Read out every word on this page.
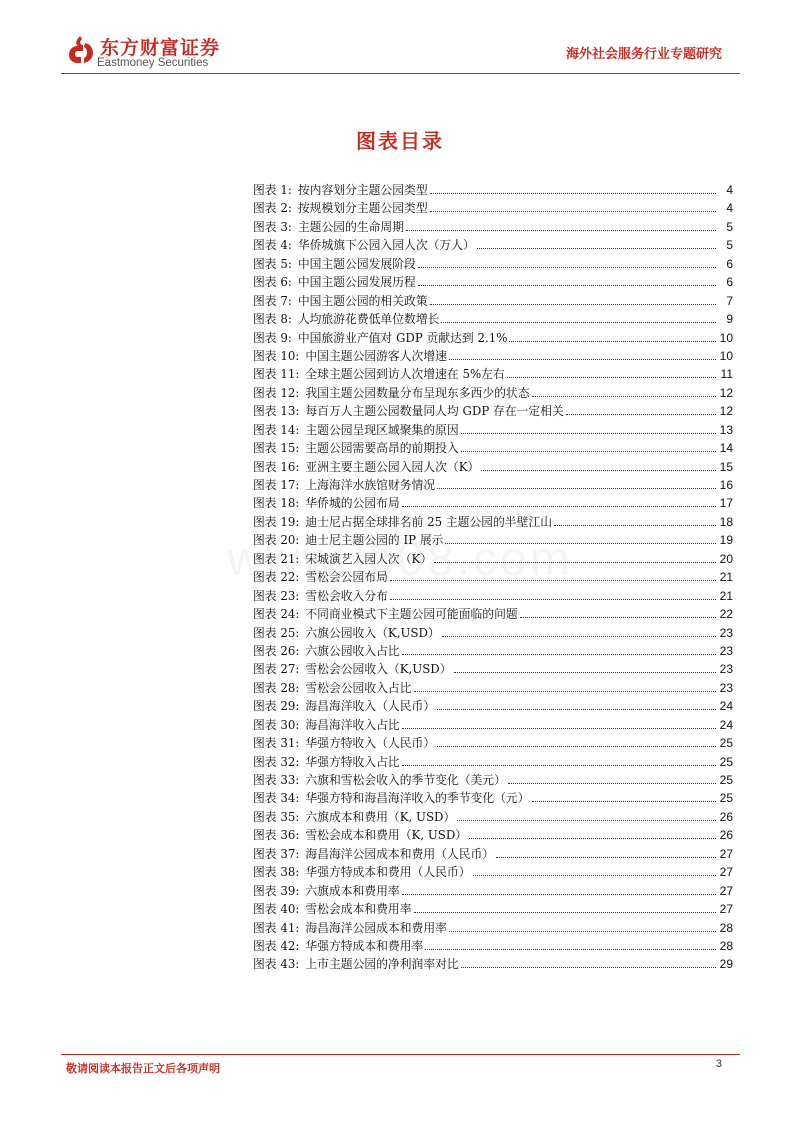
东方财富证券
Eastmoney Securities
海外社会服务行业专题研究
图表目录
图表 1 : 按内容划分主题公园类型	4
图表 2 : 按规模划分主题公园类型	4
图表 3 : 主题公园的生命周期	5
图表 4 : 华侨城旗下公园入园人次（万人）	5
图表 5 : 中国主题公园发展阶段	6
图表 6 : 中国主题公园发展历程	6
图表 7 : 中国主题公园的相关政策	7
图表 8 : 人均旅游花费低单位数增长	9
图表 9 : 中国旅游业产值对 GDP 贡献达到 2.1%	10
图表 10 : 中国主题公园游客人次增速	10
图表 11 : 全球主题公园到访人次增速在 5%左右	11
图表 12 : 我国主题公园数量分布呈现东多西少的状态	12
图表 13 : 每百万人主题公园数量同人均 GDP 存在一定相关	12
图表 14 : 主题公园呈现区域聚集的原因	13
图表 15 : 主题公园需要高昂的前期投入	14
图表 16 : 亚洲主要主题公园入园人次（K）	15
图表 17 : 上海海洋水族馆财务情况	16
图表 18 : 华侨城的公园布局	17
图表 19 : 迪士尼占据全球排名前 25 主题公园的半壁江山	18
图表 20 : 迪士尼主题公园的 IP 展示	19
图表 21 : 宋城演艺入园人次（K）	20
图表 22 : 雪松会公园布局	21
图表 23 : 雪松会收入分布	21
图表 24 : 不同商业模式下主题公园可能面临的问题	22
图表 25 : 六旗公园收入（K,USD）	23
图表 26 : 六旗公园收入占比	23
图表 27 : 雪松会公园收入（K,USD）	23
图表 28 : 雪松会公园收入占比	23
图表 29 : 海昌海洋收入（人民币）	24
图表 30 : 海昌海洋收入占比	24
图表 31 : 华强方特收入（人民币）	25
图表 32 : 华强方特收入占比	25
图表 33 : 六旗和雪松会收入的季节变化（美元）	25
图表 34 : 华强方特和海昌海洋收入的季节变化（元）	25
图表 35 : 六旗成本和费用（K, USD）	26
图表 36 : 雪松会成本和费用（K, USD）	26
图表 37 : 海昌海洋公园成本和费用（人民币）	27
图表 38 : 华强方特成本和费用（人民币）	27
图表 39 : 六旗成本和费用率	27
图表 40 : 雪松会成本和费用率	27
图表 41 : 海昌海洋公园成本和费用率	28
图表 42 : 华强方特成本和费用率	28
图表 43 : 上市主题公园的净利润率对比	29
敬请阅读本报告正文后各项声明	3
